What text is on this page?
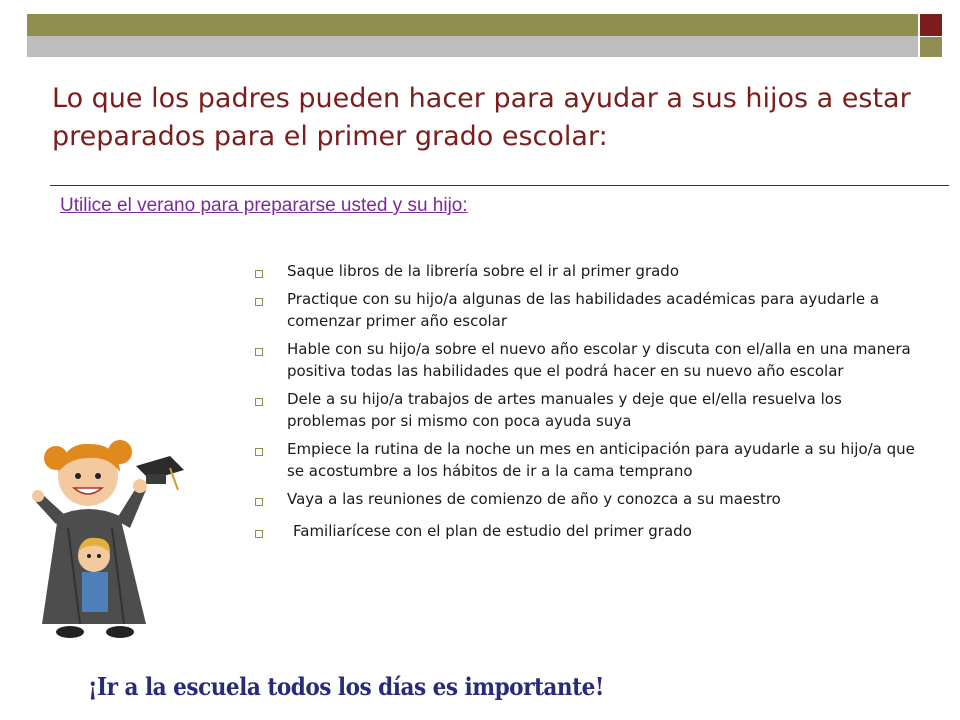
Lo que los padres pueden hacer para ayudar a sus hijos a estar preparados para el primer grado escolar:
Utilice el verano para prepararse usted y su hijo:
Saque libros de la librería sobre el ir al primer grado
Practique con su hijo/a algunas de las habilidades académicas para ayudarle a comenzar primer año escolar
Hable con su hijo/a sobre el nuevo año escolar y discuta con el/alla en una manera positiva todas las habilidades que el podrá hacer en su nuevo año escolar
Dele a su hijo/a trabajos de artes manuales y deje que el/ella resuelva los problemas por si mismo con poca ayuda suya
Empiece la rutina de la noche un mes en anticipación para ayudarle a su hijo/a que se acostumbre a los hábitos de ir a la cama temprano
Vaya a las reuniones de comienzo de año y conozca a su maestro
Familiarícese con el plan de estudio del primer grado
¡Ir a la escuela todos los días es importante!
